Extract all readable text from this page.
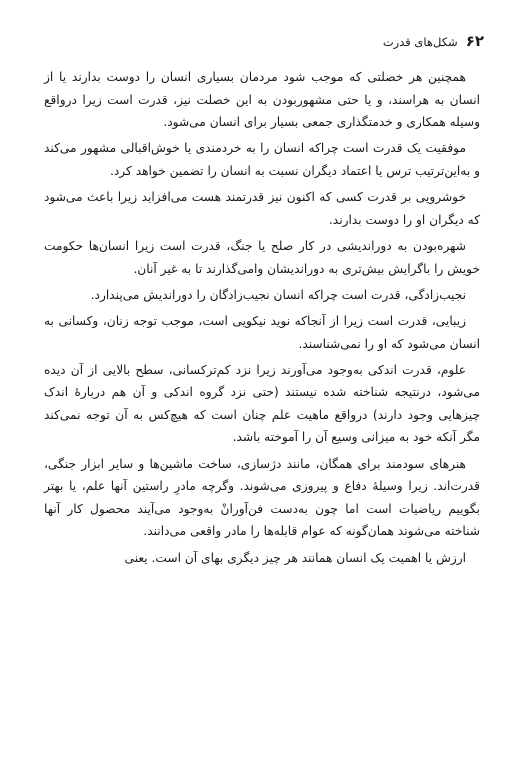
۶۲
شکل‌های قدرت

همچنین هر خصلتی که موجب شود مردمان بسیاری انسان را دوست بدارند یا از انسان به هراسند، و یا حتی مشهوربودن به این خصلت نیز، قدرت است زیرا درواقع وسیله همکاری و خدمتگذاری جمعی بسیار برای انسان می‌شود.

موفقیت یک قدرت است چراکه انسان را به خردمندی یا خوش‌اقبالی مشهور می‌کند و به‌این‌ترتیب ترس یا اعتماد دیگران نسبت به انسان را تضمین خواهد کرد.

خوشرویی بر قدرت کسی که اکنون نیز قدرتمند هست می‌افزاید زیرا باعث می‌شود که دیگران او را دوست بدارند.

شهره‌بودن به دوراندیشی در کار صلح یا جنگ، قدرت است زیرا انسان‌ها حکومت خویش را باگرایش بیش‌تری به دوراندیشان وامی‌گذارند تا به غیر آنان.

نجیب‌زادگی، قدرت است چراکه انسان نجیب‌زادگان را دوراندیش می‌پندارد.

زیبایی، قدرت است زیرا از آنجاکه نوید نیکویی است، موجب توجه زنان، وکسانی به انسان می‌شود که او را نمی‌شناسند.

علوم، قدرت اندکی به‌وجود می‌آورند زیرا نزد کم‌ترکسانی، سطح بالایی از آن دیده می‌شود، درنتیجه شناخته شده نیستند (حتی نزد گروه اندکی و آن هم دربارهٔ اندک چیزهایی وجود دارند) درواقع ماهیت علم چنان است که هیچ‌کس به آن توجه نمی‌کند مگر آنکه خود به میزانی وسیع آن را آموخته باشد.

هنرهای سودمند برای همگان، مانند دژسازی، ساخت ماشین‌ها و سایر ابزار جنگی، قدرت‌اند. زیرا وسیلهٔ دفاع و پیروزی می‌شوند. وگرچه مادرِ راستین آنها علم، یا بهتر بگوییم ریاضیات است اما چون به‌دست فن‌آورانْ به‌وجود می‌آیند محصول کار آنها شناخته می‌شوند همان‌گونه که عوام قابله‌ها را مادر واقعی می‌دانند.

ارزش یا اهمیت یک انسان همانند هر چیز دیگری بهای آن است. یعنی
